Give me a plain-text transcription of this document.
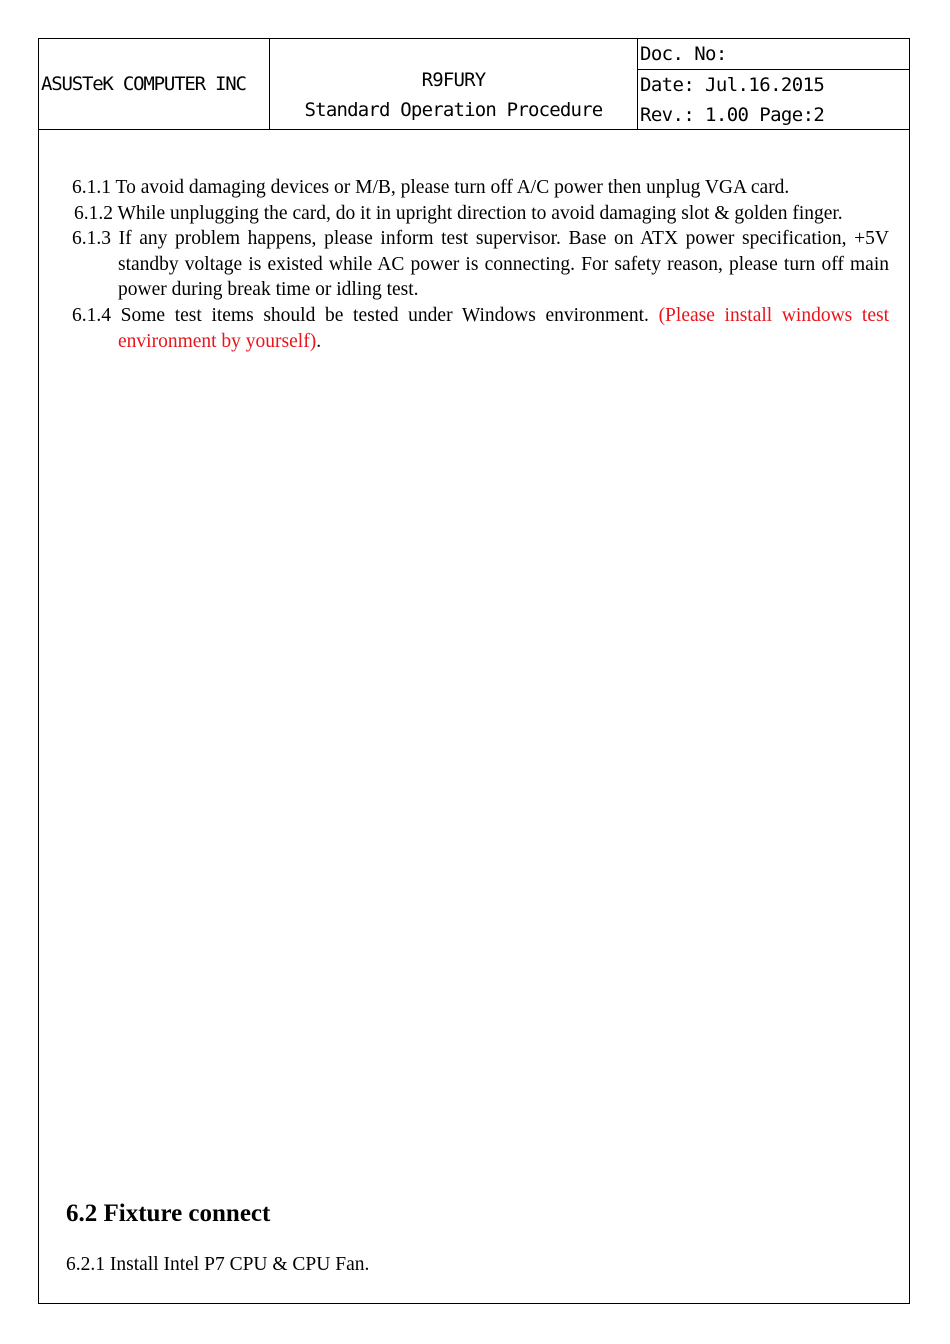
ASUSTeK COMPUTER INC	R9FURY
Standard Operation Procedure
Doc. No:
Date: Jul.16.2015
Rev.: 1.00 Page:2
6.1.1 To avoid damaging devices or M/B, please turn off A/C power then unplug VGA card.
6.1.2 While unplugging the card, do it in upright direction to avoid damaging slot & golden finger.
6.1.3 If any problem happens, please inform test supervisor. Base on ATX power specification, +5V standby voltage is existed while AC power is connecting. For safety reason, please turn off main power during break time or idling test.
6.1.4 Some test items should be tested under Windows environment. (Please install windows test environment by yourself).
6.2 Fixture connect
6.2.1 Install Intel P7 CPU & CPU Fan.
